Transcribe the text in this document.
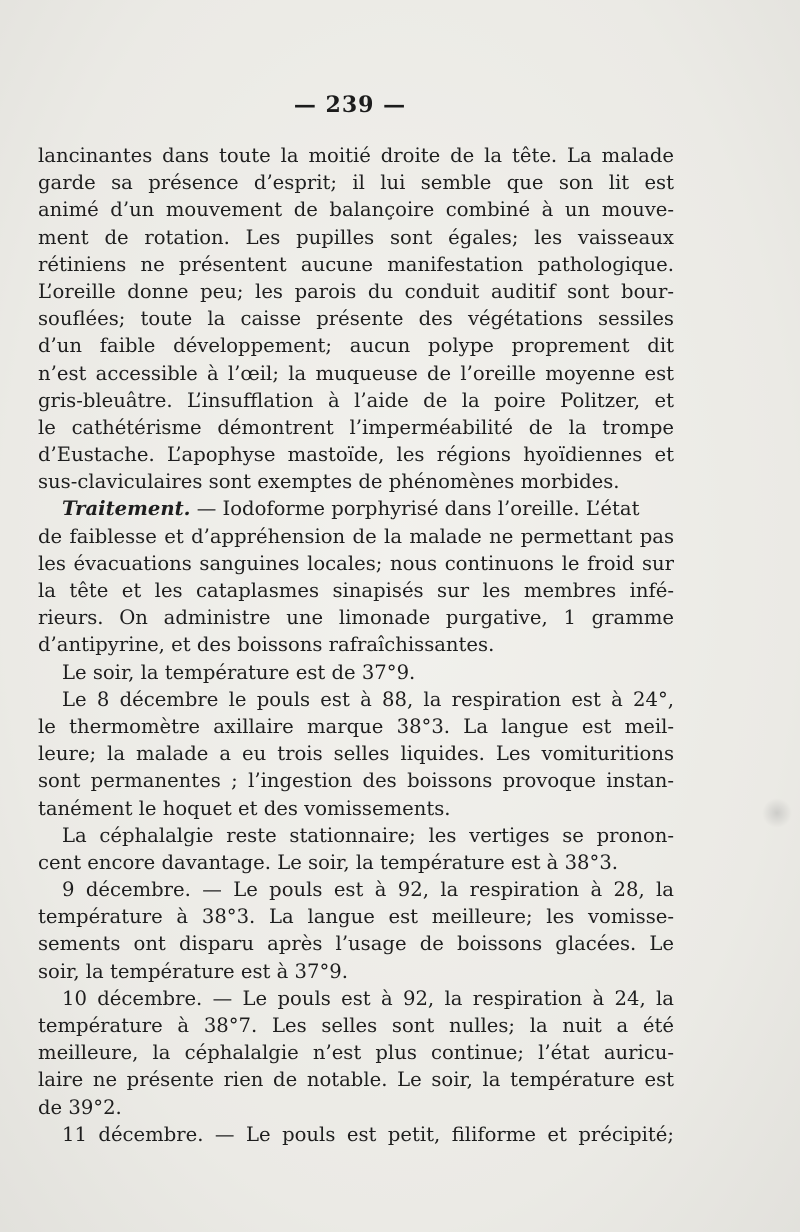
— 239 —
lancinantes dans toute la moitié droite de la tête. La malade
garde sa présence d’esprit; il lui semble que son lit est
animé d’un mouvement de balançoire combiné à un mouve-
ment de rotation. Les pupilles sont égales; les vaisseaux
rétiniens ne présentent aucune manifestation pathologique.
L’oreille donne peu; les parois du conduit auditif sont bour-
souflées; toute la caisse présente des végétations sessiles
d’un faible développement; aucun polype proprement dit
n’est accessible à l’œil; la muqueuse de l’oreille moyenne est
gris-bleuâtre. L’insufflation à l’aide de la poire Politzer, et
le cathétérisme démontrent l’imperméabilité de la trompe
d’Eustache. L’apophyse mastoïde, les régions hyoïdiennes et
sus-claviculaires sont exemptes de phénomènes morbides.
Traitement. — Iodoforme porphyrisé dans l’oreille. L’état
de faiblesse et d’appréhension de la malade ne permettant pas
les évacuations sanguines locales; nous continuons le froid sur
la tête et les cataplasmes sinapisés sur les membres infé-
rieurs. On administre une limonade purgative, 1 gramme
d’antipyrine, et des boissons rafraîchissantes.
Le soir, la température est de 37°9.
Le 8 décembre le pouls est à 88, la respiration est à 24°,
le thermomètre axillaire marque 38°3. La langue est meil-
leure; la malade a eu trois selles liquides. Les vomituritions
sont permanentes ; l’ingestion des boissons provoque instan-
tanément le hoquet et des vomissements.
La céphalalgie reste stationnaire; les vertiges se pronon-
cent encore davantage. Le soir, la température est à 38°3.
9 décembre. — Le pouls est à 92, la respiration à 28, la
température à 38°3. La langue est meilleure; les vomisse-
sements ont disparu après l’usage de boissons glacées. Le
soir, la température est à 37°9.
10 décembre. — Le pouls est à 92, la respiration à 24, la
température à 38°7. Les selles sont nulles; la nuit a été
meilleure, la céphalalgie n’est plus continue; l’état auricu-
laire ne présente rien de notable. Le soir, la température est
de 39°2.
11 décembre. — Le pouls est petit, filiforme et précipité;
